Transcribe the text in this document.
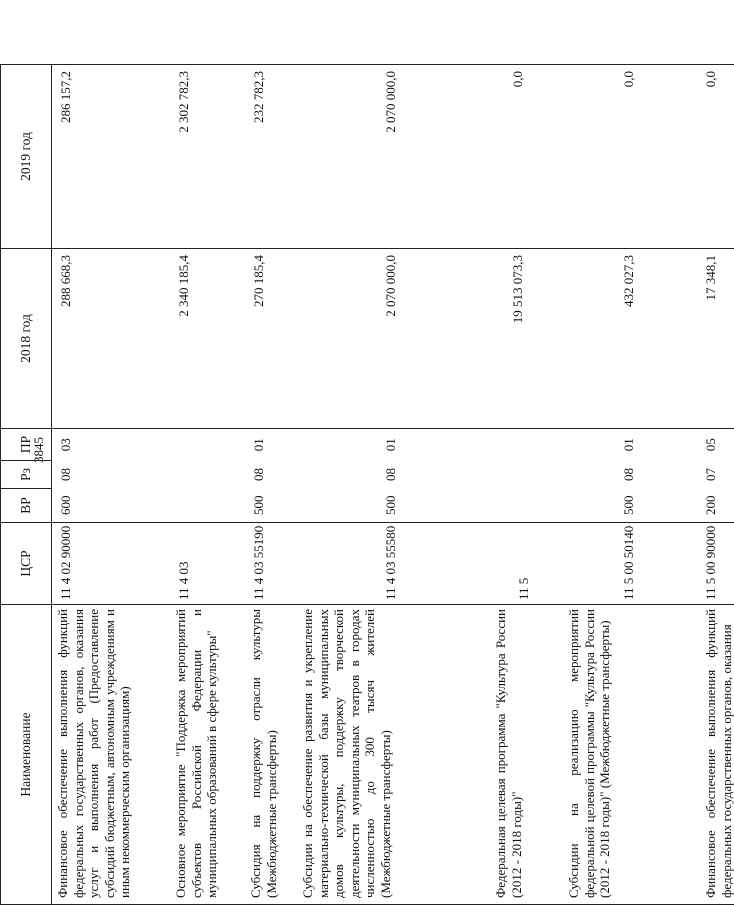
3845
Наименование	ЦСР	ВР	Рз	ПР	2018 год	2019 год
Финансовое обеспечение выполнения функций федеральных государственных органов, оказания услуг и выполнения работ (Предоставление субсидий бюджетным, автономным учреждениям и иным некоммерческим организациям)	11 4 02 90000	600	08	03	288 668,3	286 157,2
Основное мероприятие "Поддержка мероприятий субъектов Российской Федерации и муниципальных образований в сфере культуры"	11 4 03				2 340 185,4	2 302 782,3
Субсидия на поддержку отрасли культуры (Межбюджетные трансферты)	11 4 03 55190	500	08	01	270 185,4	232 782,3
Субсидии на обеспечение развития и укрепление материально-технической базы муниципальных домов культуры, поддержку творческой деятельности муниципальных театров в городах численностью до 300 тысяч жителей (Межбюджетные трансферты)	11 4 03 55580	500	08	01	2 070 000,0	2 070 000,0
Федеральная целевая программа "Культура России (2012 - 2018 годы)"	11 5				19 513 073,3	0,0
Субсидии на реализацию мероприятий федеральной целевой программы "Культура России (2012 - 2018 годы)" (Межбюджетные трансферты)	11 5 00 50140	500	08	01	432 027,3	0,0
Финансовое обеспечение выполнения функций федеральных государственных органов, оказания	11 5 00 90000	200	07	05	17 348,1	0,0
